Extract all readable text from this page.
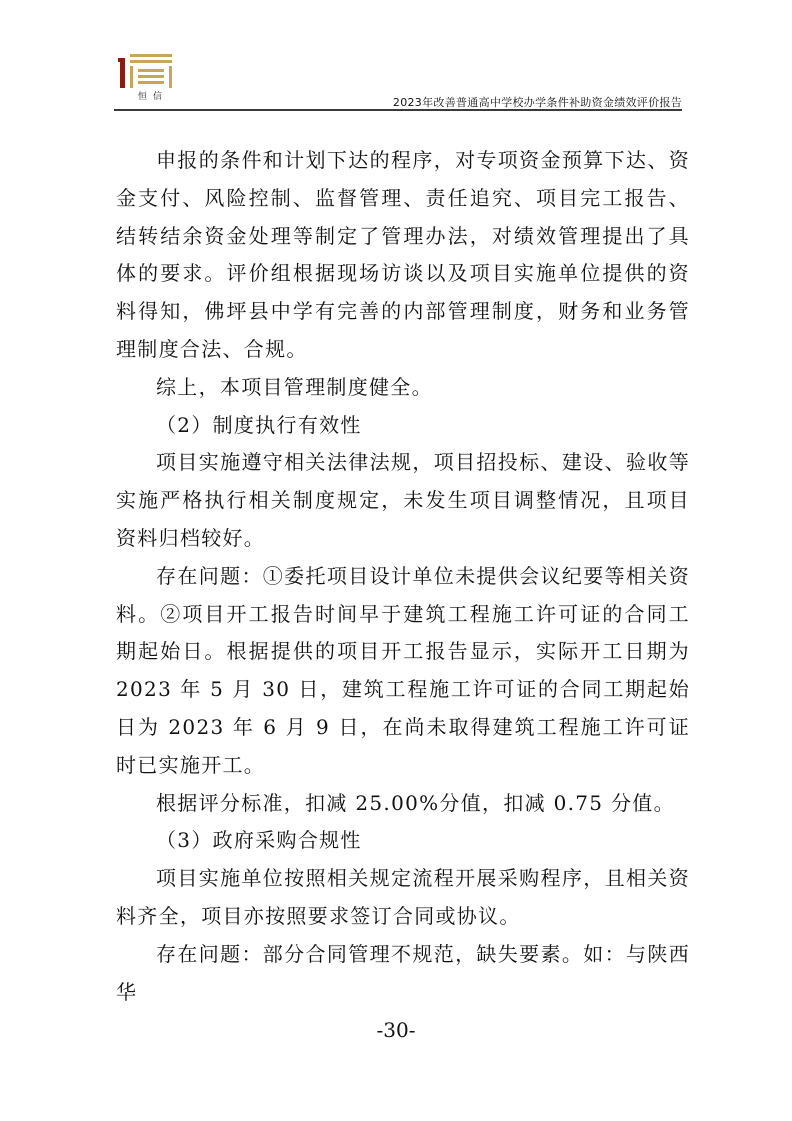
恒信	2023年改善普通高中学校办学条件补助资金绩效评价报告

申报的条件和计划下达的程序，对专项资金预算下达、资金支付、风险控制、监督管理、责任追究、项目完工报告、结转结余资金处理等制定了管理办法，对绩效管理提出了具体的要求。评价组根据现场访谈以及项目实施单位提供的资料得知，佛坪县中学有完善的内部管理制度，财务和业务管理制度合法、合规。

综上，本项目管理制度健全。

（2）制度执行有效性

项目实施遵守相关法律法规，项目招投标、建设、验收等实施严格执行相关制度规定，未发生项目调整情况，且项目资料归档较好。

存在问题：①委托项目设计单位未提供会议纪要等相关资料。②项目开工报告时间早于建筑工程施工许可证的合同工期起始日。根据提供的项目开工报告显示，实际开工日期为 2023 年 5 月 30 日，建筑工程施工许可证的合同工期起始日为 2023 年 6 月 9 日，在尚未取得建筑工程施工许可证时已实施开工。

根据评分标准，扣减 25.00%分值，扣减 0.75 分值。

（3）政府采购合规性

项目实施单位按照相关规定流程开展采购程序，且相关资料齐全，项目亦按照要求签订合同或协议。

存在问题：部分合同管理不规范，缺失要素。如：与陕西华

-30-
